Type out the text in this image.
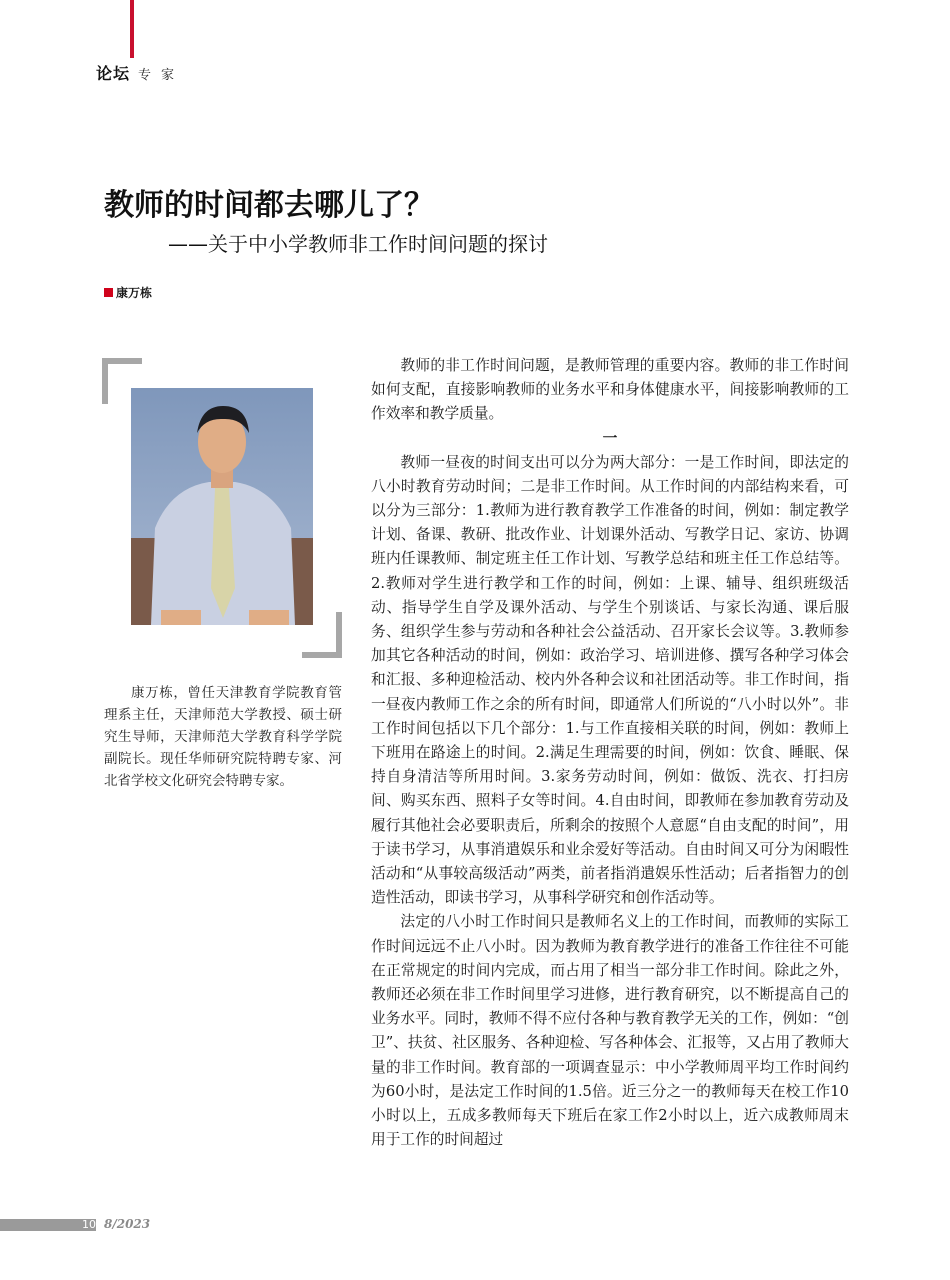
论坛 专家
教师的时间都去哪儿了？
——关于中小学教师非工作时间问题的探讨
康万栋
康万栋，曾任天津教育学院教育管理系主任，天津师范大学教授、硕士研究生导师，天津师范大学教育科学学院副院长。现任华师研究院特聘专家、河北省学校文化研究会特聘专家。

教师的非工作时间问题，是教师管理的重要内容。教师的非工作时间如何支配，直接影响教师的业务水平和身体健康水平，间接影响教师的工作效率和教学质量。

一

教师一昼夜的时间支出可以分为两大部分：一是工作时间，即法定的八小时教育劳动时间；二是非工作时间。从工作时间的内部结构来看，可以分为三部分：1.教师为进行教育教学工作准备的时间，例如：制定教学计划、备课、教研、批改作业、计划课外活动、写教学日记、家访、协调班内任课教师、制定班主任工作计划、写教学总结和班主任工作总结等。2.教师对学生进行教学和工作的时间，例如：上课、辅导、组织班级活动、指导学生自学及课外活动、与学生个别谈话、与家长沟通、课后服务、组织学生参与劳动和各种社会公益活动、召开家长会议等。3.教师参加其它各种活动的时间，例如：政治学习、培训进修、撰写各种学习体会和汇报、多种迎检活动、校内外各种会议和社团活动等。非工作时间，指一昼夜内教师工作之余的所有时间，即通常人们所说的“八小时以外”。非工作时间包括以下几个部分：1.与工作直接相关联的时间，例如：教师上下班用在路途上的时间。2.满足生理需要的时间，例如：饮食、睡眠、保持自身清洁等所用时间。3.家务劳动时间，例如：做饭、洗衣、打扫房间、购买东西、照料子女等时间。4.自由时间，即教师在参加教育劳动及履行其他社会必要职责后，所剩余的按照个人意愿“自由支配的时间”，用于读书学习，从事消遣娱乐和业余爱好等活动。自由时间又可分为闲暇性活动和“从事较高级活动”两类，前者指消遣娱乐性活动；后者指智力的创造性活动，即读书学习，从事科学研究和创作活动等。

法定的八小时工作时间只是教师名义上的工作时间，而教师的实际工作时间远远不止八小时。因为教师为教育教学进行的准备工作往往不可能在正常规定的时间内完成，而占用了相当一部分非工作时间。除此之外，教师还必须在非工作时间里学习进修，进行教育研究，以不断提高自己的业务水平。同时，教师不得不应付各种与教育教学无关的工作，例如：“创卫”、扶贫、社区服务、各种迎检、写各种体会、汇报等，又占用了教师大量的非工作时间。教育部的一项调查显示：中小学教师周平均工作时间约为60小时，是法定工作时间的1.5倍。近三分之一的教师每天在校工作10小时以上，五成多教师每天下班后在家工作2小时以上，近六成教师周末用于工作的时间超过

10 8/2023
